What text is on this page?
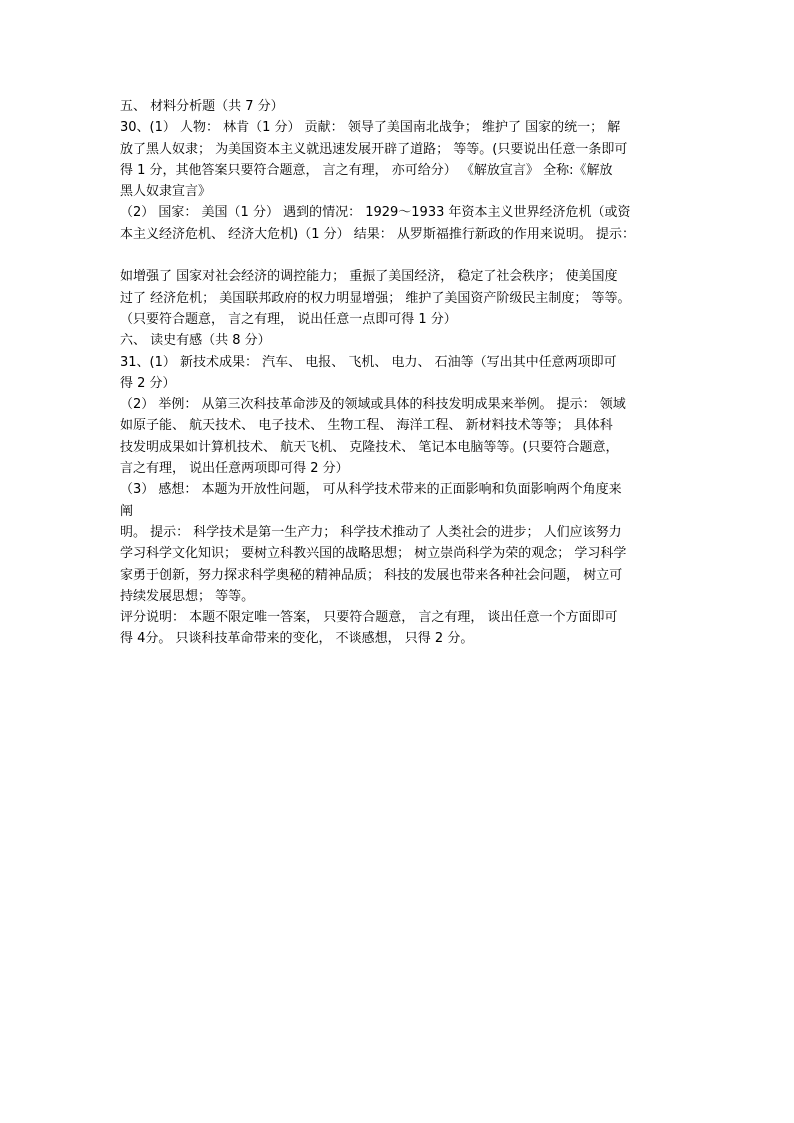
五、 材料分析题（共 7 分）
30、(1） 人物： 林肯（1 分） 贡献： 领导了美国南北战争； 维护了 国家的统一； 解
放了黑人奴隶； 为美国资本主义就迅速发展开辟了道路； 等等。(只要说出任意一条即可
得 1 分，其他答案只要符合题意， 言之有理， 亦可给分） 《解放宣言》 全称:《解放
黑人奴隶宣言》
（2） 国家： 美国（1 分） 遇到的情况： 1929～1933 年资本主义世界经济危机（或资
本主义经济危机、 经济大危机)（1 分） 结果： 从罗斯福推行新政的作用来说明。 提示：
如增强了 国家对社会经济的调控能力； 重振了美国经济， 稳定了社会秩序； 使美国度
过了 经济危机； 美国联邦政府的权力明显增强； 维护了美国资产阶级民主制度； 等等。
（只要符合题意， 言之有理， 说出任意一点即可得 1 分）
六、 读史有感（共 8 分）
31、(1） 新技术成果： 汽车、 电报、 飞机、 电力、 石油等（写出其中任意两项即可
得 2 分）
（2） 举例： 从第三次科技革命涉及的领域或具体的科技发明成果来举例。 提示： 领域
如原子能、 航天技术、 电子技术、 生物工程、 海洋工程、 新材料技术等等； 具体科
技发明成果如计算机技术、 航天飞机、 克隆技术、 笔记本电脑等等。(只要符合题意，
言之有理， 说出任意两项即可得 2 分）
（3） 感想： 本题为开放性问题， 可从科学技术带来的正面影响和负面影响两个角度来
阐
明。 提示： 科学技术是第一生产力； 科学技术推动了 人类社会的进步； 人们应该努力
学习科学文化知识； 要树立科教兴国的战略思想； 树立崇尚科学为荣的观念； 学习科学
家勇于创新，努力探求科学奥秘的精神品质； 科技的发展也带来各种社会问题， 树立可
持续发展思想； 等等。
评分说明： 本题不限定唯一答案， 只要符合题意， 言之有理， 谈出任意一个方面即可
得 4分。 只谈科技革命带来的变化， 不谈感想， 只得 2 分。
